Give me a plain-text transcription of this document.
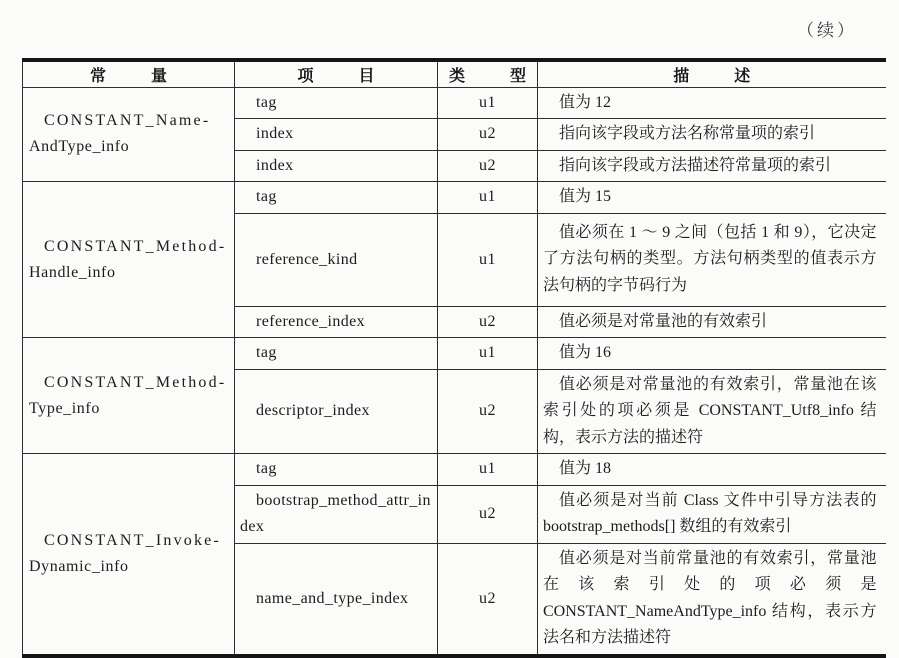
（续）
常 量	项 目	类 型	描 述

CONSTANT_Name-
AndType_info	tag	u1	值为 12

	index	u2	指向该字段或方法名称常量项的索引

	index	u2	指向该字段或方法描述符常量项的索引

CONSTANT_Method-
Handle_info	tag	u1	值为 15

	reference_kind	u1	值必须在 1 ～ 9 之间（包括 1 和 9），它决定了方法句柄的类型。方法句柄类型的值表示方法句柄的字节码行为

	reference_index	u2	值必须是对常量池的有效索引

CONSTANT_Method-
Type_info	tag	u1	值为 16

	descriptor_index	u2	值必须是对常量池的有效索引，常量池在该索引处的项必须是 CONSTANT_Utf8_info 结构，表示方法的描述符

CONSTANT_Invoke-
Dynamic_info	tag	u1	值为 18

	bootstrap_method_attr_index	u2	值必须是对当前 Class 文件中引导方法表的 bootstrap_methods[] 数组的有效索引

	name_and_type_index	u2	值必须是对当前常量池的有效索引，常量池在该索引处的项必须是 CONSTANT_NameAndType_info 结构，表示方法名和方法描述符
